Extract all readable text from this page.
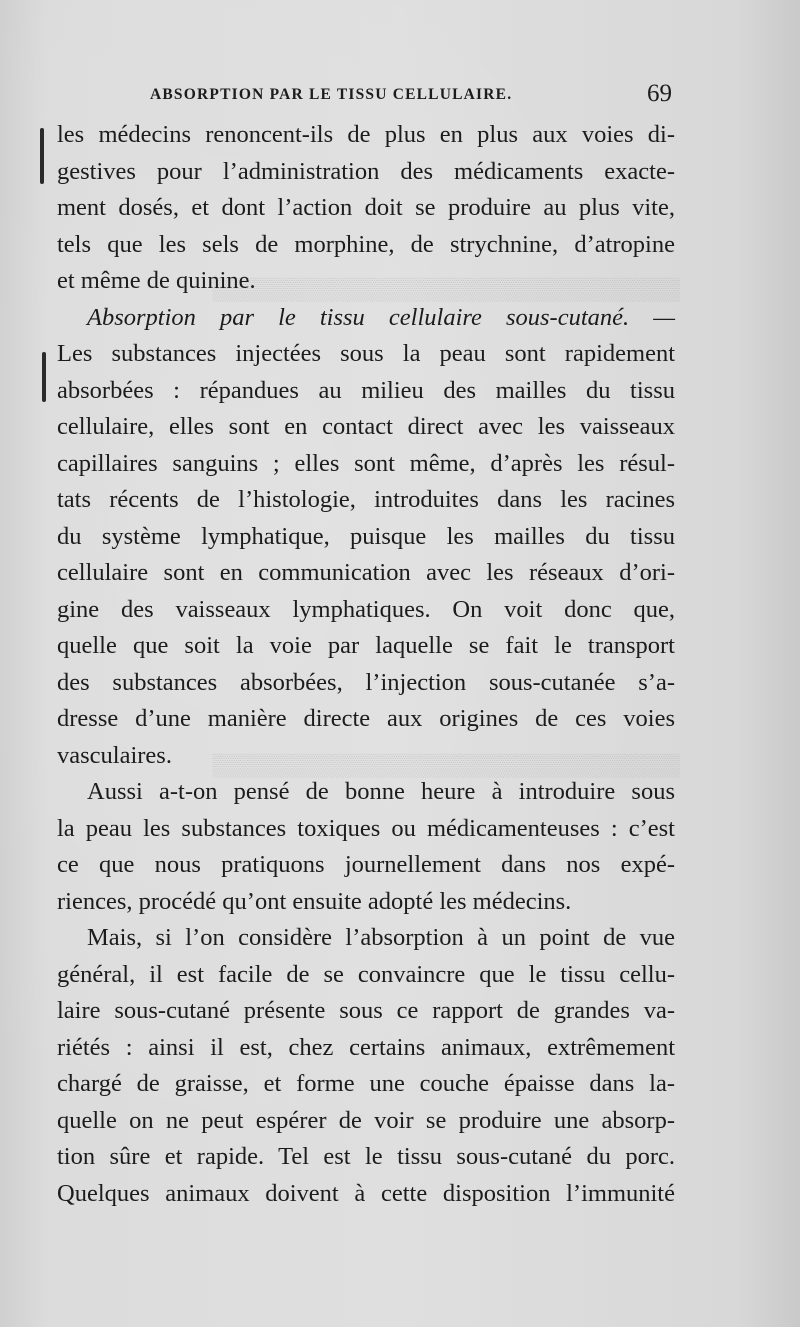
▒▒▒▒▒▒▒▒▒▒▒▒▒▒▒▒▒▒▒▒▒▒▒▒▒▒▒▒▒▒
▒▒▒▒▒▒▒▒▒▒▒▒▒▒▒▒▒▒▒▒▒▒▒▒▒▒▒▒▒▒
ABSORPTION PAR LE TISSU CELLULAIRE.	69
les médecins renoncent-ils de plus en plus aux voies di-
gestives pour l’administration des médicaments exacte-
ment dosés, et dont l’action doit se produire au plus vite,
tels que les sels de morphine, de strychnine, d’atropine
et même de quinine.
Absorption par le tissu cellulaire sous-cutané. —
Les substances injectées sous la peau sont rapidement
absorbées : répandues au milieu des mailles du tissu
cellulaire, elles sont en contact direct avec les vaisseaux
capillaires sanguins ; elles sont même, d’après les résul-
tats récents de l’histologie, introduites dans les racines
du système lymphatique, puisque les mailles du tissu
cellulaire sont en communication avec les réseaux d’ori-
gine des vaisseaux lymphatiques. On voit donc que,
quelle que soit la voie par laquelle se fait le transport
des substances absorbées, l’injection sous-cutanée s’a-
dresse d’une manière directe aux origines de ces voies
vasculaires.
Aussi a-t-on pensé de bonne heure à introduire sous
la peau les substances toxiques ou médicamenteuses : c’est
ce que nous pratiquons journellement dans nos expé-
riences, procédé qu’ont ensuite adopté les médecins.
Mais, si l’on considère l’absorption à un point de vue
général, il est facile de se convaincre que le tissu cellu-
laire sous-cutané présente sous ce rapport de grandes va-
riétés : ainsi il est, chez certains animaux, extrêmement
chargé de graisse, et forme une couche épaisse dans la-
quelle on ne peut espérer de voir se produire une absorp-
tion sûre et rapide. Tel est le tissu sous-cutané du porc.
Quelques animaux doivent à cette disposition l’immunité
